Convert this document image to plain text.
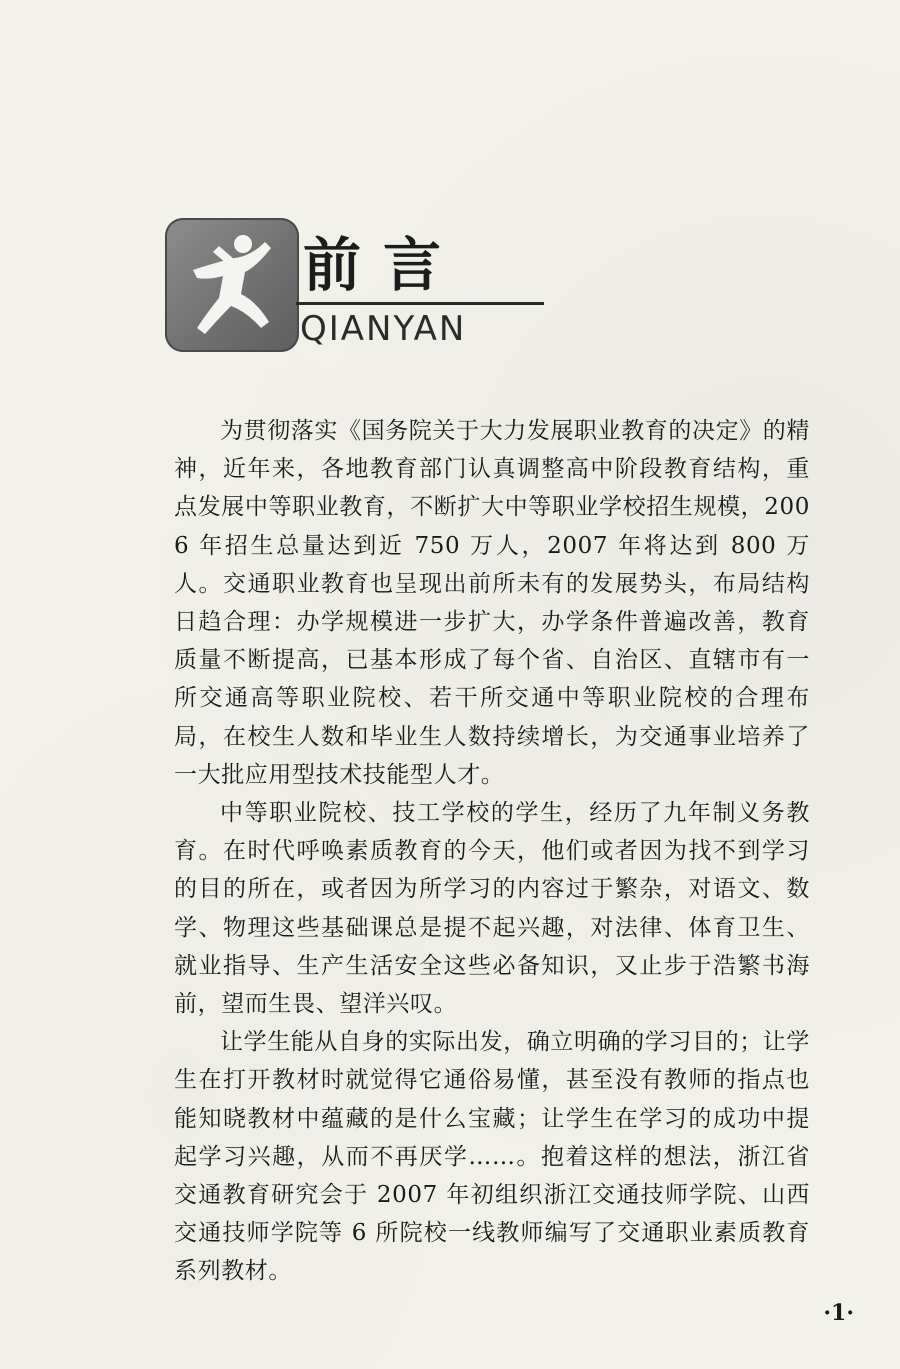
前言
QIANYAN

为贯彻落实《国务院关于大力发展职业教育的决定》的精神，近年来，各地教育部门认真调整高中阶段教育结构，重点发展中等职业教育，不断扩大中等职业学校招生规模，2006 年招生总量达到近 750 万人，2007 年将达到 800 万人。交通职业教育也呈现出前所未有的发展势头，布局结构日趋合理：办学规模进一步扩大，办学条件普遍改善，教育质量不断提高，已基本形成了每个省、自治区、直辖市有一所交通高等职业院校、若干所交通中等职业院校的合理布局，在校生人数和毕业生人数持续增长，为交通事业培养了一大批应用型技术技能型人才。

中等职业院校、技工学校的学生，经历了九年制义务教育。在时代呼唤素质教育的今天，他们或者因为找不到学习的目的所在，或者因为所学习的内容过于繁杂，对语文、数学、物理这些基础课总是提不起兴趣，对法律、体育卫生、就业指导、生产生活安全这些必备知识，又止步于浩繁书海前，望而生畏、望洋兴叹。

让学生能从自身的实际出发，确立明确的学习目的；让学生在打开教材时就觉得它通俗易懂，甚至没有教师的指点也能知晓教材中蕴藏的是什么宝藏；让学生在学习的成功中提起学习兴趣，从而不再厌学……。抱着这样的想法，浙江省交通教育研究会于 2007 年初组织浙江交通技师学院、山西交通技师学院等 6 所院校一线教师编写了交通职业素质教育系列教材。

·1·
